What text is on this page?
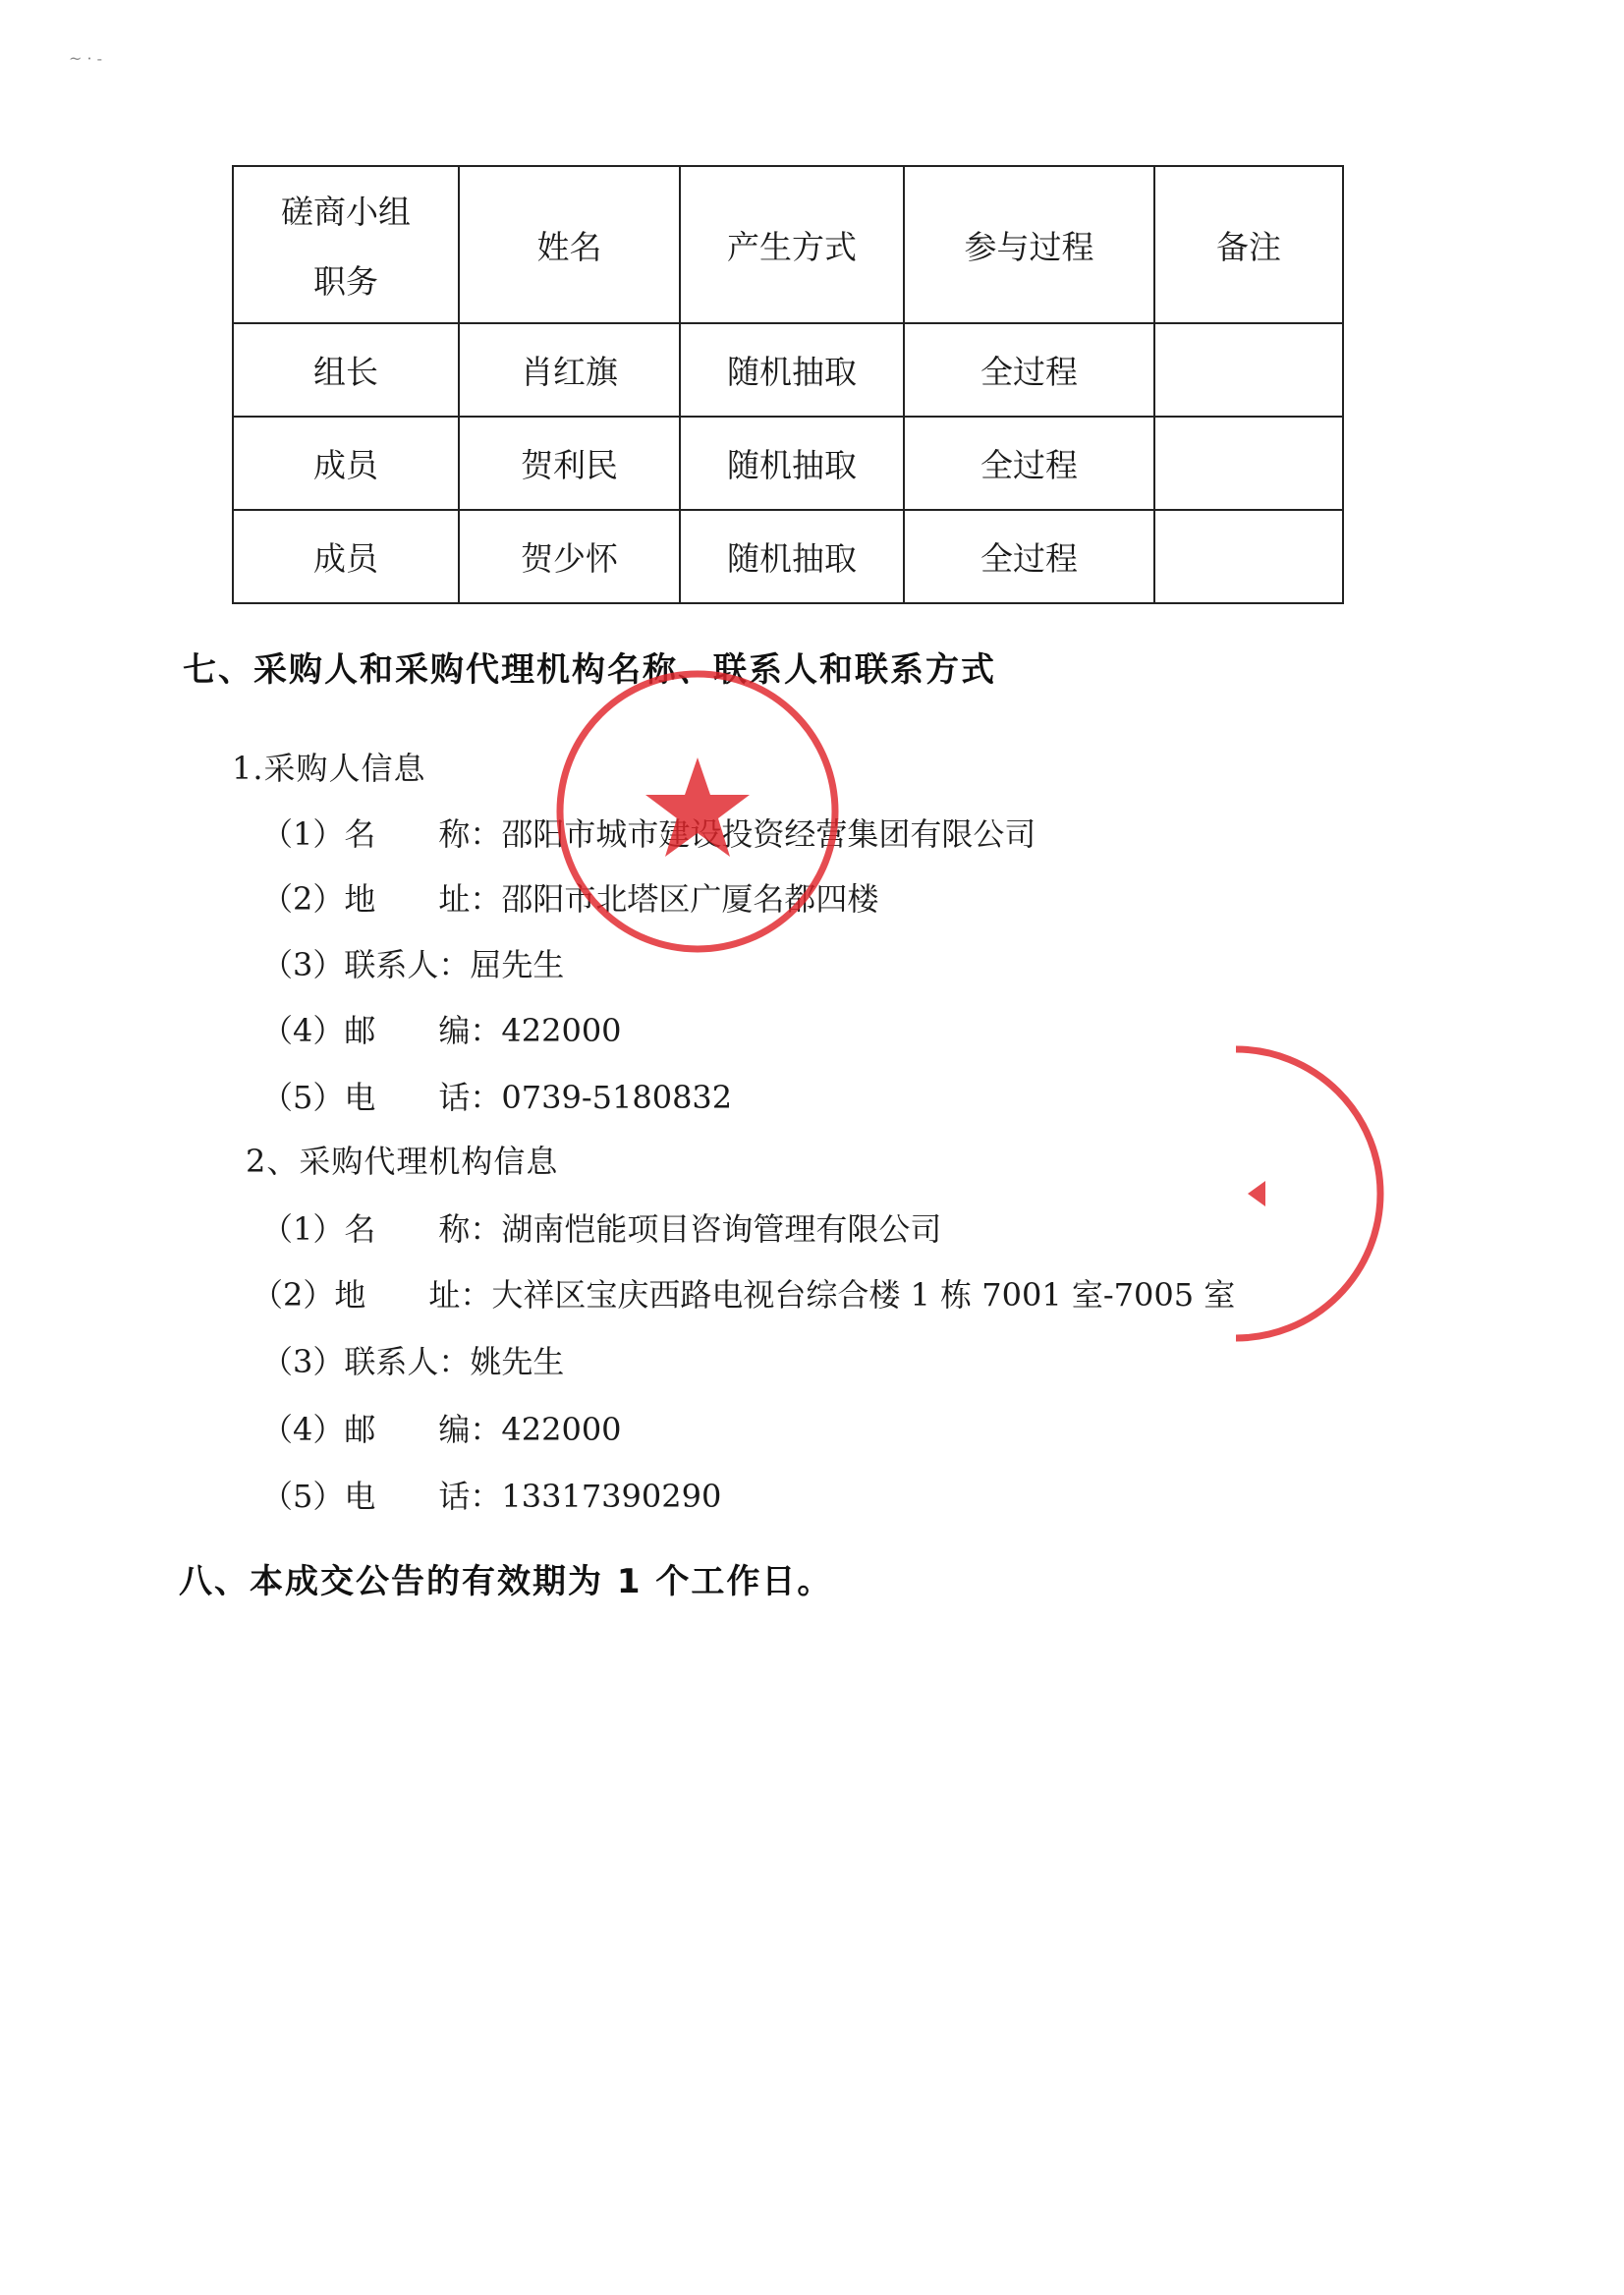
~ · -
磋商小组
职务	姓名	产生方式	参与过程	备注
组长	肖红旗	随机抽取	全过程	
成员	贺利民	随机抽取	全过程	
成员	贺少怀	随机抽取	全过程	
七、采购人和采购代理机构名称、联系人和联系方式
1.采购人信息
（1）名　　称：邵阳市城市建设投资经营集团有限公司
（2）地　　址：邵阳市北塔区广厦名都四楼
（3）联系人：屈先生
（4）邮　　编：422000
（5）电　　话：0739-5180832
2、采购代理机构信息
（1）名　　称：湖南恺能项目咨询管理有限公司
（2）地　　址：大祥区宝庆西路电视台综合楼 1 栋 7001 室-7005 室
（3）联系人：姚先生
（4）邮　　编：422000
（5）电　　话：13317390290
八、本成交公告的有效期为 1 个工作日。
